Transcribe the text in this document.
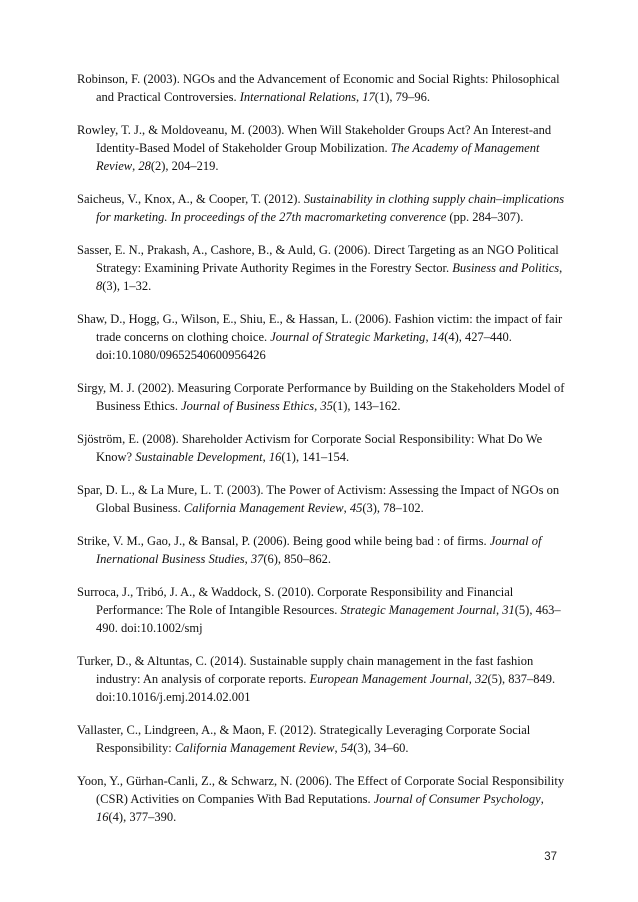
Robinson, F. (2003). NGOs and the Advancement of Economic and Social Rights: Philosophical and Practical Controversies. International Relations, 17(1), 79–96.

Rowley, T. J., & Moldoveanu, M. (2003). When Will Stakeholder Groups Act? An Interest-and Identity-Based Model of Stakeholder Group Mobilization. The Academy of Management Review, 28(2), 204–219.

Saicheus, V., Knox, A., & Cooper, T. (2012). Sustainability in clothing supply chain–implications for marketing. In proceedings of the 27th macromarketing converence (pp. 284–307).

Sasser, E. N., Prakash, A., Cashore, B., & Auld, G. (2006). Direct Targeting as an NGO Political Strategy: Examining Private Authority Regimes in the Forestry Sector. Business and Politics, 8(3), 1–32.

Shaw, D., Hogg, G., Wilson, E., Shiu, E., & Hassan, L. (2006). Fashion victim: the impact of fair trade concerns on clothing choice. Journal of Strategic Marketing, 14(4), 427–440. doi:10.1080/09652540600956426

Sirgy, M. J. (2002). Measuring Corporate Performance by Building on the Stakeholders Model of Business Ethics. Journal of Business Ethics, 35(1), 143–162.

Sjöström, E. (2008). Shareholder Activism for Corporate Social Responsibility: What Do We Know? Sustainable Development, 16(1), 141–154.

Spar, D. L., & La Mure, L. T. (2003). The Power of Activism: Assessing the Impact of NGOs on Global Business. California Management Review, 45(3), 78–102.

Strike, V. M., Gao, J., & Bansal, P. (2006). Being good while being bad : of firms. Journal of Inernational Business Studies, 37(6), 850–862.

Surroca, J., Tribó, J. A., & Waddock, S. (2010). Corporate Responsibility and Financial Performance: The Role of Intangible Resources. Strategic Management Journal, 31(5), 463–490. doi:10.1002/smj

Turker, D., & Altuntas, C. (2014). Sustainable supply chain management in the fast fashion industry: An analysis of corporate reports. European Management Journal, 32(5), 837–849. doi:10.1016/j.emj.2014.02.001

Vallaster, C., Lindgreen, A., & Maon, F. (2012). Strategically Leveraging Corporate Social Responsibility: California Management Review, 54(3), 34–60.

Yoon, Y., Gürhan-Canli, Z., & Schwarz, N. (2006). The Effect of Corporate Social Responsibility (CSR) Activities on Companies With Bad Reputations. Journal of Consumer Psychology, 16(4), 377–390.

37
